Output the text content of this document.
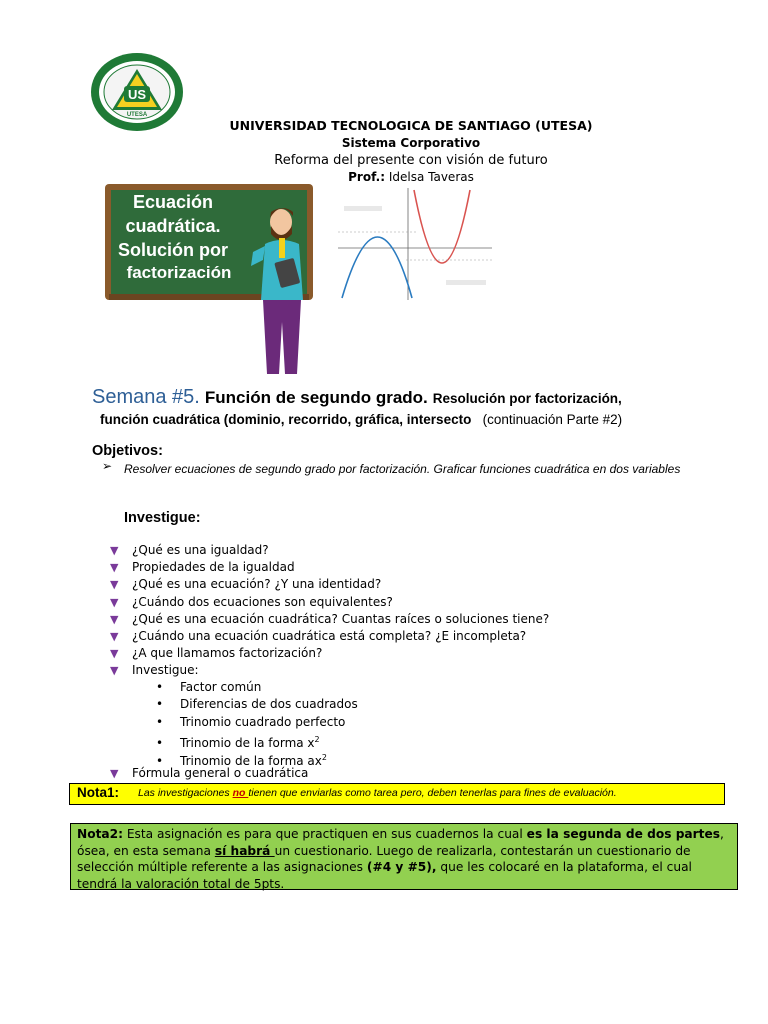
US
UTESA
UNIVERSIDAD TECNOLOGICA DE SANTIAGO (UTESA)
Sistema Corporativo
Reforma del presente con visión de futuro
Prof.: Idelsa Taveras
Ecuación
cuadrática.
Solución por
factorización
Semana #5. Función de segundo grado. Resolución por factorización,
función cuadrática (dominio, recorrido, gráfica, intersecto (continuación Parte #2)
Objetivos:
➢ Resolver ecuaciones de segundo grado por factorización. Graficar funciones cuadrática en dos variables
Investigue:
▼ ¿Qué es una igualdad?
▼ Propiedades de la igualdad
▼ ¿Qué es una ecuación? ¿Y una identidad?
▼ ¿Cuándo dos ecuaciones son equivalentes?
▼ ¿Qué es una ecuación cuadrática? Cuantas raíces o soluciones tiene?
▼ ¿Cuándo una ecuación cuadrática está completa? ¿E incompleta?
▼ ¿A que llamamos factorización?
▼ Investigue:
• Factor común
• Diferencias de dos cuadrados
• Trinomio cuadrado perfecto
• Trinomio de la forma $x^2$
• Trinomio de la forma $ax^2$
▼ Fórmula general o cuadrática
Nota1: Las investigaciones no tienen que enviarlas como tarea pero, deben tenerlas para fines de evaluación.
Nota2: Esta asignación es para que practiquen en sus cuadernos la cual es la segunda de dos partes, ósea, en esta semana sí habrá un cuestionario. Luego de realizarla, contestarán un cuestionario de selección múltiple referente a las asignaciones (#4 y #5), que les colocaré en la plataforma, el cual tendrá la valoración total de 5pts.
